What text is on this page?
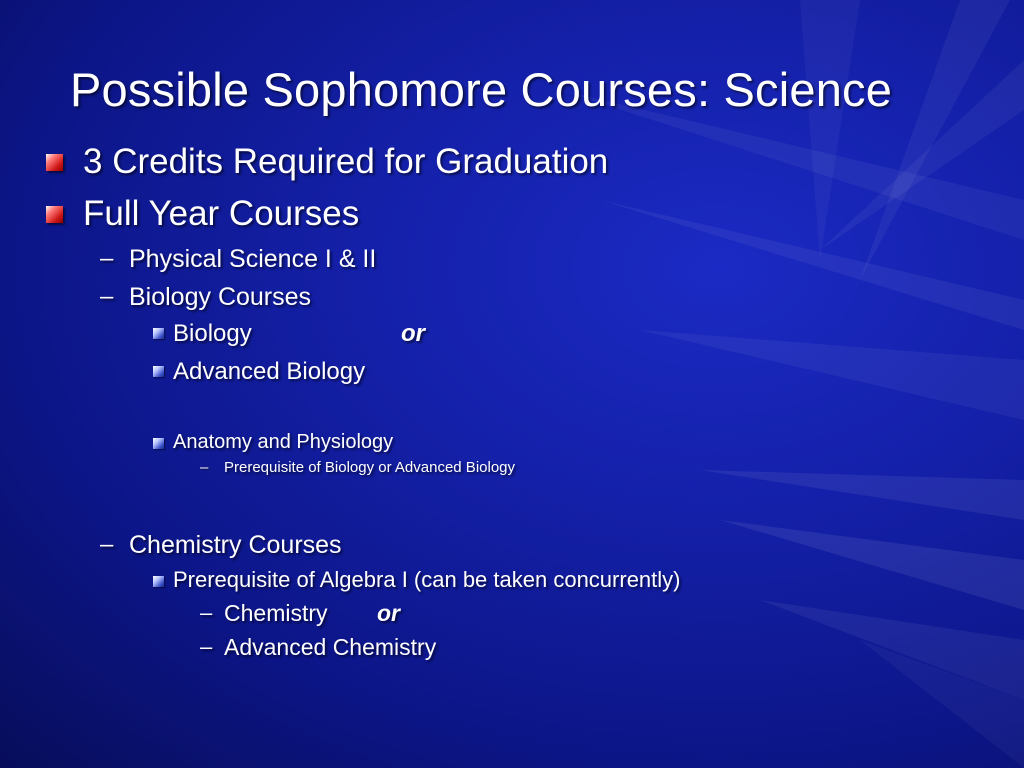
Possible Sophomore Courses: Science
3 Credits Required for Graduation
Full Year Courses
– Physical Science I & II
– Biology Courses
Biology	or
Advanced Biology
Anatomy and Physiology
– Prerequisite of Biology or Advanced Biology
– Chemistry Courses
Prerequisite of Algebra I (can be taken concurrently)
– Chemistry or
– Advanced Chemistry
